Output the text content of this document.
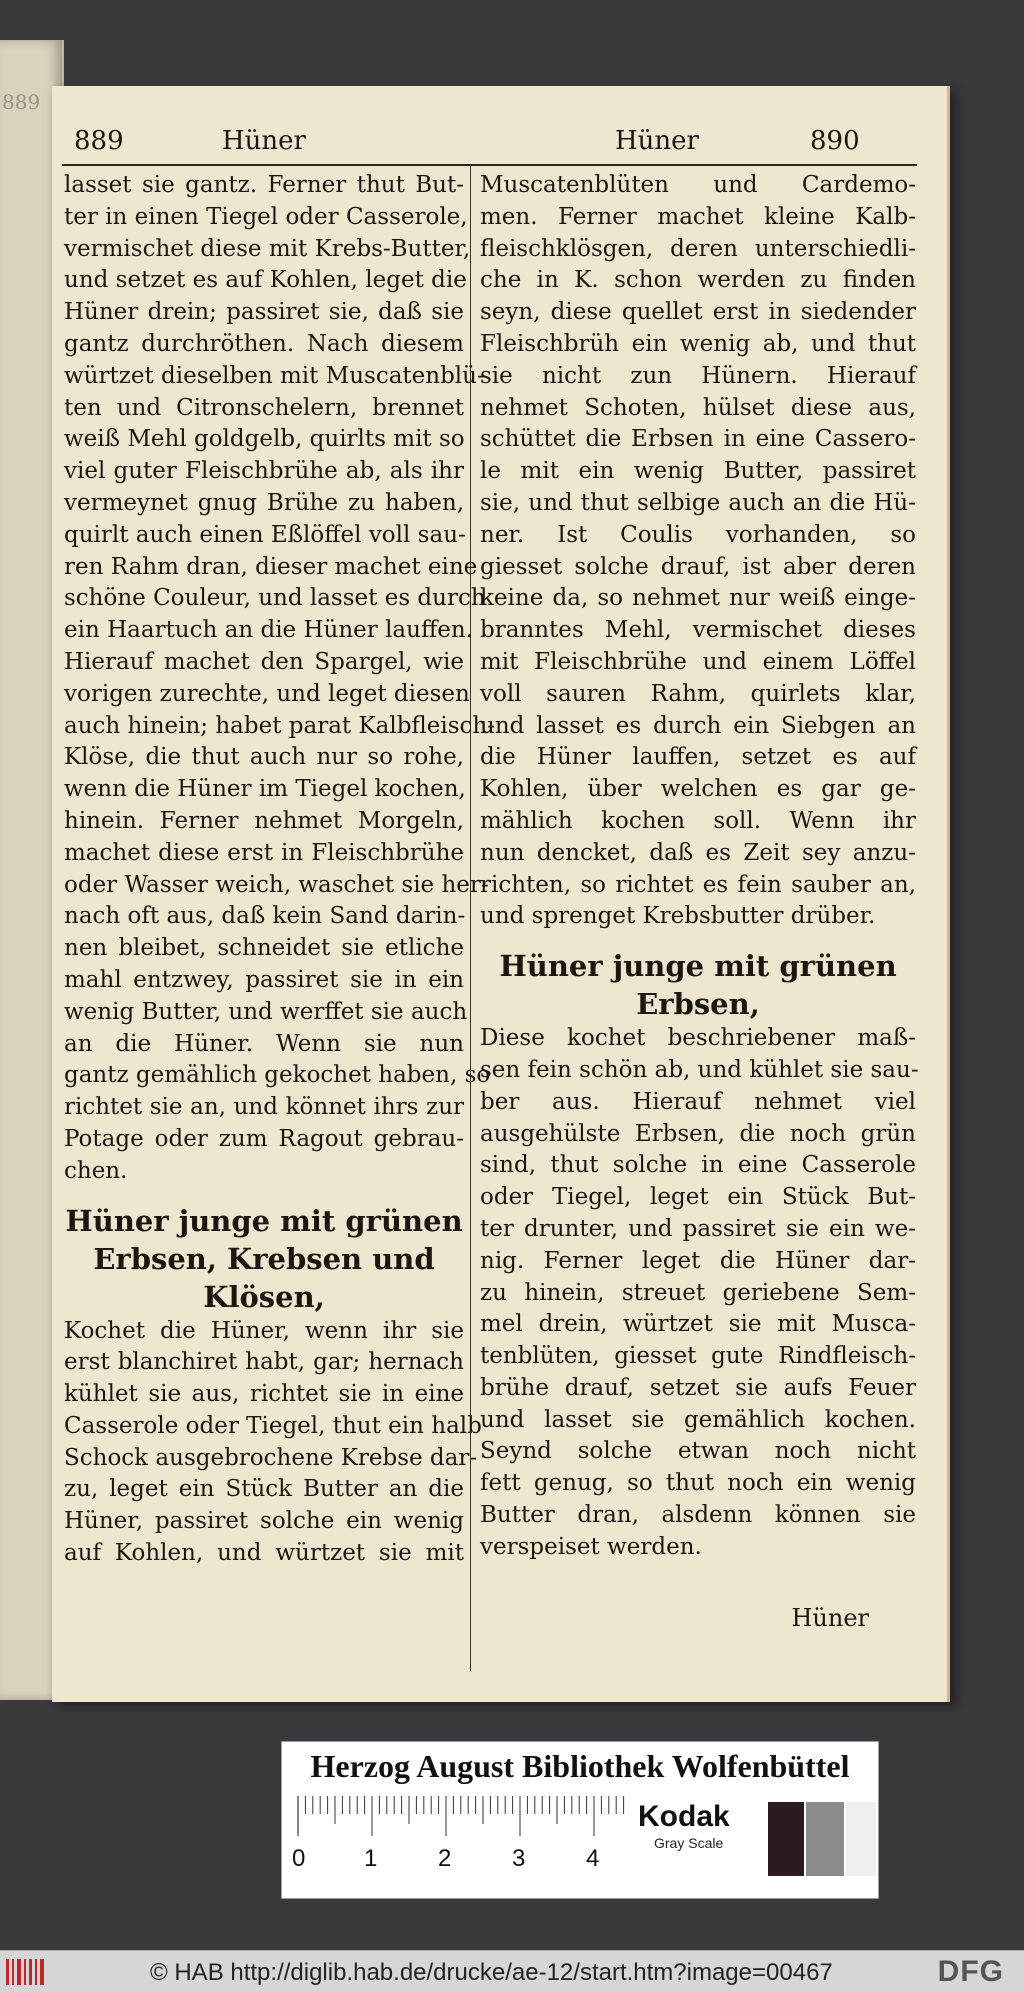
889
889	Hüner	Hüner	890
lasset sie gantz. Ferner thut But-
ter in einen Tiegel oder Casserole,
vermischet diese mit Krebs-Butter,
und setzet es auf Kohlen, leget die
Hüner drein; passiret sie, daß sie
gantz durchröthen. Nach diesem
würtzet dieselben mit Muscatenblü-
ten und Citronschelern, brennet
weiß Mehl goldgelb, quirlts mit so
viel guter Fleischbrühe ab, als ihr
vermeynet gnug Brühe zu haben,
quirlt auch einen Eßlöffel voll sau-
ren Rahm dran, dieser machet eine
schöne Couleur, und lasset es durch
ein Haartuch an die Hüner lauffen.
Hierauf machet den Spargel, wie
vorigen zurechte, und leget diesen
auch hinein; habet parat Kalbfleisch-
Klöse, die thut auch nur so rohe,
wenn die Hüner im Tiegel kochen,
hinein. Ferner nehmet Morgeln,
machet diese erst in Fleischbrühe
oder Wasser weich, waschet sie her-
nach oft aus, daß kein Sand darin-
nen bleibet, schneidet sie etliche
mahl entzwey, passiret sie in ein
wenig Butter, und werffet sie auch
an die Hüner. Wenn sie nun
gantz gemählich gekochet haben, so
richtet sie an, und könnet ihrs zur
Potage oder zum Ragout gebrau-
chen.
Hüner junge mit grünen
Erbsen, Krebsen und
Klösen,
Kochet die Hüner, wenn ihr sie
erst blanchiret habt, gar; hernach
kühlet sie aus, richtet sie in eine
Casserole oder Tiegel, thut ein halb
Schock ausgebrochene Krebse dar-
zu, leget ein Stück Butter an die
Hüner, passiret solche ein wenig
auf Kohlen, und würtzet sie mit
Muscatenblüten und Cardemo-
men. Ferner machet kleine Kalb-
fleischklösgen, deren unterschiedli-
che in K. schon werden zu finden
seyn, diese quellet erst in siedender
Fleischbrüh ein wenig ab, und thut
sie nicht zun Hünern. Hierauf
nehmet Schoten, hülset diese aus,
schüttet die Erbsen in eine Cassero-
le mit ein wenig Butter, passiret
sie, und thut selbige auch an die Hü-
ner. Ist Coulis vorhanden, so
giesset solche drauf, ist aber deren
keine da, so nehmet nur weiß einge-
branntes Mehl, vermischet dieses
mit Fleischbrühe und einem Löffel
voll sauren Rahm, quirlets klar,
und lasset es durch ein Siebgen an
die Hüner lauffen, setzet es auf
Kohlen, über welchen es gar ge-
mählich kochen soll. Wenn ihr
nun dencket, daß es Zeit sey anzu-
richten, so richtet es fein sauber an,
und sprenget Krebsbutter drüber.
Hüner junge mit grünen
Erbsen,
Diese kochet beschriebener maß-
sen fein schön ab, und kühlet sie sau-
ber aus. Hierauf nehmet viel
ausgehülste Erbsen, die noch grün
sind, thut solche in eine Casserole
oder Tiegel, leget ein Stück But-
ter drunter, und passiret sie ein we-
nig. Ferner leget die Hüner dar-
zu hinein, streuet geriebene Sem-
mel drein, würtzet sie mit Musca-
tenblüten, giesset gute Rindfleisch-
brühe drauf, setzet sie aufs Feuer
und lasset sie gemählich kochen.
Seynd solche etwan noch nicht
fett genug, so thut noch ein wenig
Butter dran, alsdenn können sie
verspeiset werden.
Hüner
Herzog August Bibliothek Wolfenbüttel
0 1	2	3	4
Kodak
Gray Scale
© HAB http://diglib.hab.de/drucke/ae-12/start.htm?image=00467	DFG
